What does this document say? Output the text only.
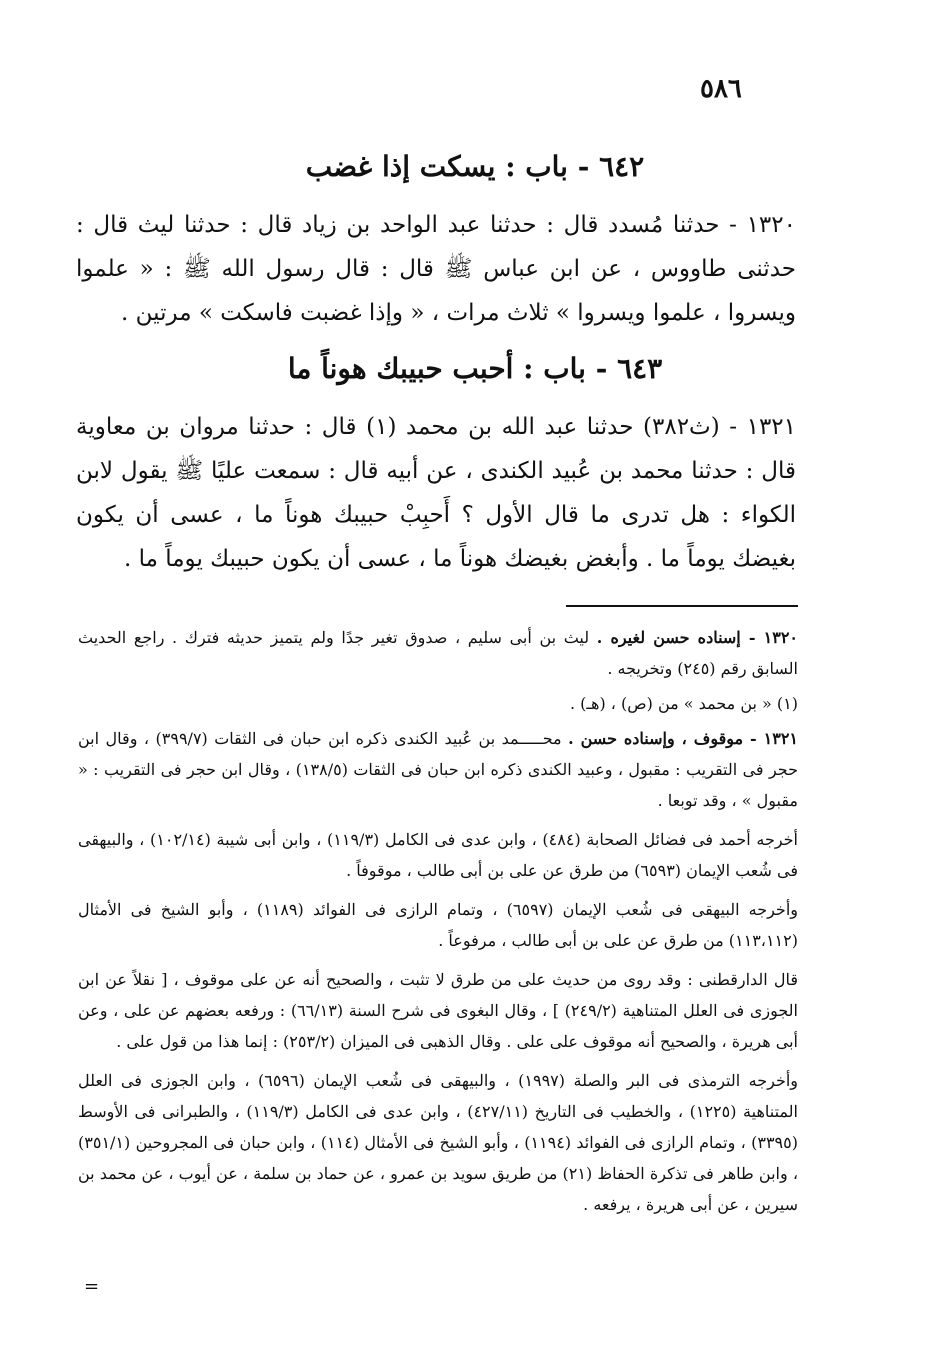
٥٨٦
٦٤٢ - باب : يسكت إذا غضب
١٣٢٠ - حدثنا مُسدد قال : حدثنا عبد الواحد بن زياد قال : حدثنا ليث قال : حدثنى طاووس ، عن ابن عباس ﷺ قال : قال رسول الله ﷺ : « علموا ويسروا ، علموا ويسروا » ثلاث مرات ، « وإذا غضبت فاسكت » مرتين .
٦٤٣ - باب : أحبب حبيبك هوناً ما
١٣٢١ - (ث٣٨٢) حدثنا عبد الله بن محمد (١) قال : حدثنا مروان بن معاوية قال : حدثنا محمد بن عُبيد الكندى ، عن أبيه قال : سمعت عليًا ﷺ يقول لابن الكواء : هل تدرى ما قال الأول ؟ أَحبِبْ حبيبك هوناً ما ، عسى أن يكون بغيضك يوماً ما . وأبغض بغيضك هوناً ما ، عسى أن يكون حبيبك يوماً ما .

١٣٢٠ - إسناده حسن لغيره . ليث بن أبى سليم ، صدوق تغير جدًا ولم يتميز حديثه فترك . راجع الحديث السابق رقم (٢٤٥) وتخريجه .

(١) « بن محمد » من (ص) ، (هـ) .

١٣٢١ - موقوف ، وإسناده حسن . محـــــمد بن عُبيد الكندى ذكره ابن حبان فى الثقات (٣٩٩/٧) ، وقال ابن حجر فى التقريب : مقبول ، وعبيد الكندى ذكره ابن حبان فى الثقات (١٣٨/٥) ، وقال ابن حجر فى التقريب : « مقبول » ، وقد توبعا .

أخرجه أحمد فى فضائل الصحابة (٤٨٤) ، وابن عدى فى الكامل (١١٩/٣) ، وابن أبى شيبة (١٠٢/١٤) ، والبيهقى فى شُعب الإيمان (٦٥٩٣) من طرق عن على بن أبى طالب ، موقوفاً .

وأخرجه البيهقى فى شُعب الإيمان (٦٥٩٧) ، وتمام الرازى فى الفوائد (١١٨٩) ، وأبو الشيخ فى الأمثال (١١٣،١١٢) من طرق عن على بن أبى طالب ، مرفوعاً .

قال الدارقطنى : وقد روى من حديث على من طرق لا تثبت ، والصحيح أنه عن على موقوف ، [ نقلاً عن ابن الجوزى فى العلل المتناهية (٢٤٩/٢) ] ، وقال البغوى فى شرح السنة (٦٦/١٣) : ورفعه بعضهم عن على ، وعن أبى هريرة ، والصحيح أنه موقوف على على . وقال الذهبى فى الميزان (٢٥٣/٢) : إنما هذا من قول على .

وأخرجه الترمذى فى البر والصلة (١٩٩٧) ، والبيهقى فى شُعب الإيمان (٦٥٩٦) ، وابن الجوزى فى العلل المتناهية (١٢٢٥) ، والخطيب فى التاريخ (٤٢٧/١١) ، وابن عدى فى الكامل (١١٩/٣) ، والطبرانى فى الأوسط (٣٣٩٥) ، وتمام الرازى فى الفوائد (١١٩٤) ، وأبو الشيخ فى الأمثال (١١٤) ، وابن حبان فى المجروحين (٣٥١/١) ، وابن طاهر فى تذكرة الحفاظ (٢١) من طريق سويد بن عمرو ، عن حماد بن سلمة ، عن أيوب ، عن محمد بن سيرين ، عن أبى هريرة ، يرفعه .

=
